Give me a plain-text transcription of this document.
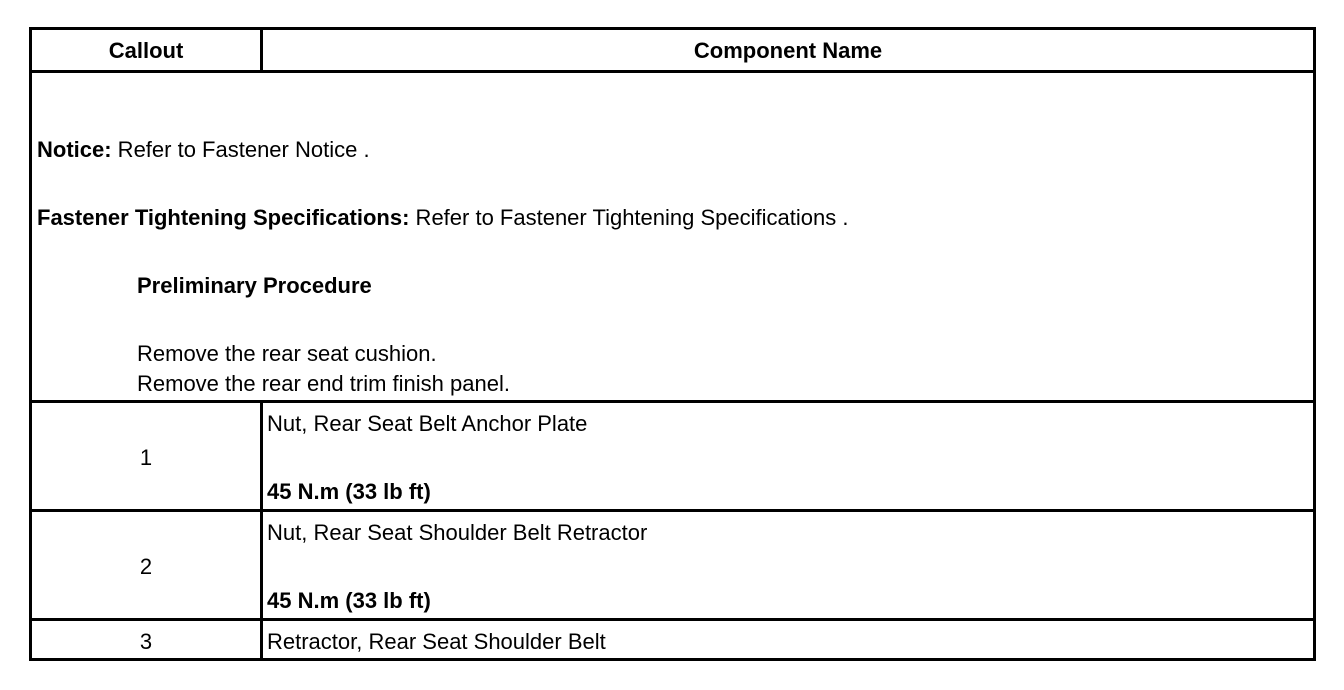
Callout	Component Name
Notice: Refer to Fastener Notice .
Fastener Tightening Specifications: Refer to Fastener Tightening Specifications .
Preliminary Procedure
Remove the rear seat cushion.
Remove the rear end trim finish panel.
1
Nut, Rear Seat Belt Anchor Plate
45 N.m (33 lb ft)
2
Nut, Rear Seat Shoulder Belt Retractor
45 N.m (33 lb ft)
3	Retractor, Rear Seat Shoulder Belt
